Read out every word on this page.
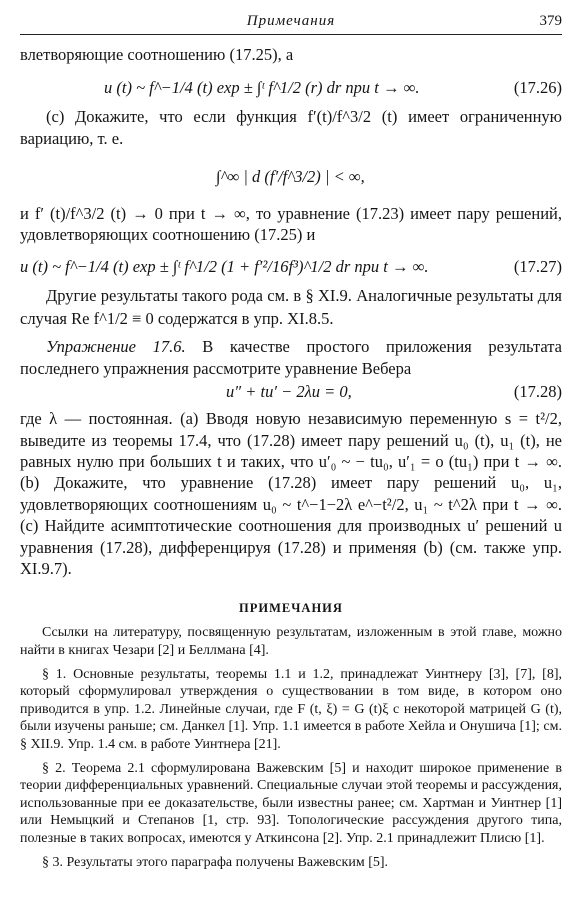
Примечания	379

влетворяющие соотношению (17.25), а

u (t) ~ f^−1/4 (t) exp ± ∫ᵗ f^1/2 (r) dr при t → ∞.	(17.26)

(c) Докажите, что если функция f′(t)/f^3/2 (t) имеет ограниченную вариацию, т. е.

∫^∞ | d (f′/f^3/2) | < ∞,

и f′ (t)/f^3/2 (t) → 0 при t → ∞, то уравнение (17.23) имеет пару решений, удовлетворяющих соотношению (17.25) и

u (t) ~ f^−1/4 (t) exp ± ∫ᵗ f^1/2 (1 + f′²/16f³)^1/2 dr при t → ∞.	(17.27)

Другие результаты такого рода см. в § XI.9. Аналогичные результаты для случая Re f^1/2 ≡ 0 содержатся в упр. XI.8.5.

Упражнение 17.6. В качестве простого приложения результата последнего упражнения рассмотрите уравнение Вебера

u″ + tu′ − 2λu = 0,	(17.28)

где λ — постоянная. (a) Вводя новую независимую переменную s = t²/2, выведите из теоремы 17.4, что (17.28) имеет пару решений u₀ (t), u₁ (t), не равных нулю при больших t и таких, что u′₀ ~ − tu₀, u′₁ = o (tu₁) при t → ∞. (b) Докажите, что уравнение (17.28) имеет пару решений u₀, u₁, удовлетворяющих соотношениям u₀ ~ t^−1−2λ e^−t²/2, u₁ ~ t^2λ при t → ∞. (c) Найдите асимптотические соотношения для производных u′ решений u уравнения (17.28), дифференцируя (17.28) и применяя (b) (см. также упр. XI.9.7).

ПРИМЕЧАНИЯ

Ссылки на литературу, посвященную результатам, изложенным в этой главе, можно найти в книгах Чезари [2] и Беллмана [4].

§ 1. Основные результаты, теоремы 1.1 и 1.2, принадлежат Уинтнеру [3], [7], [8], который сформулировал утверждения о существовании в том виде, в котором оно приводится в упр. 1.2. Линейные случаи, где F (t, ξ) = G (t)ξ с некоторой матрицей G (t), были изучены раньше; см. Данкел [1]. Упр. 1.1 имеется в работе Хейла и Онушича [1]; см. § XII.9. Упр. 1.4 см. в работе Уинтнера [21].

§ 2. Теорема 2.1 сформулирована Важевским [5] и находит широкое применение в теории дифференциальных уравнений. Специальные случаи этой теоремы и рассуждения, использованные при ее доказательстве, были известны ранее; см. Хартман и Уинтнер [1] или Немыцкий и Степанов [1, стр. 93]. Топологические рассуждения другого типа, полезные в таких вопросах, имеются у Аткинсона [2]. Упр. 2.1 принадлежит Плисю [1].

§ 3. Результаты этого параграфа получены Важевским [5].
